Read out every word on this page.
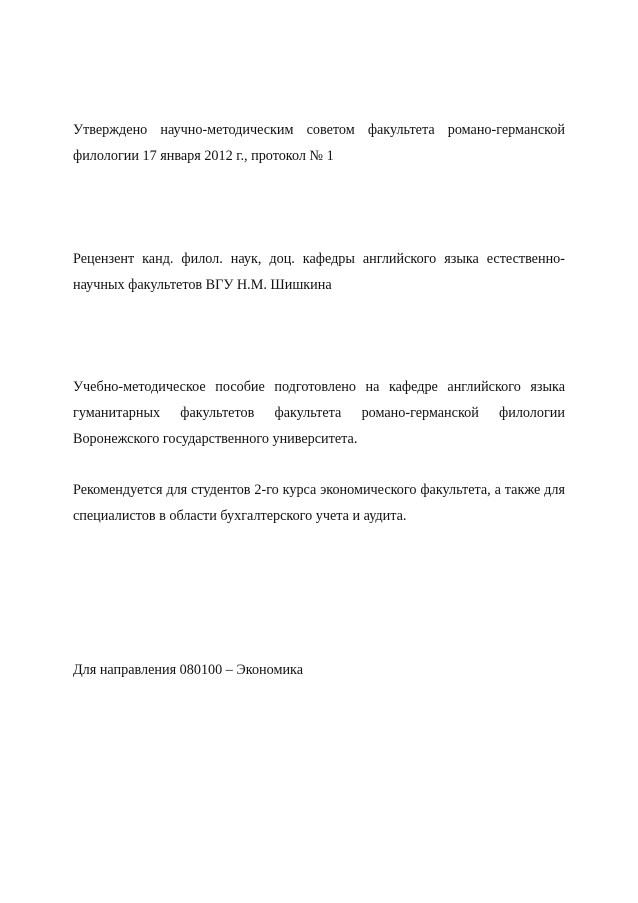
Утверждено научно-методическим советом факультета романо-германской филологии 17 января 2012 г., протокол № 1

Рецензент канд. филол. наук, доц. кафедры английского языка естественно-научных факультетов ВГУ Н.М. Шишкина

Учебно-методическое пособие подготовлено на кафедре английского языка гуманитарных факультетов факультета романо-германской филологии Воронежского государственного университета.

Рекомендуется для студентов 2-го курса экономического факультета, а также для специалистов в области бухгалтерского учета и аудита.

Для направления 080100 – Экономика
